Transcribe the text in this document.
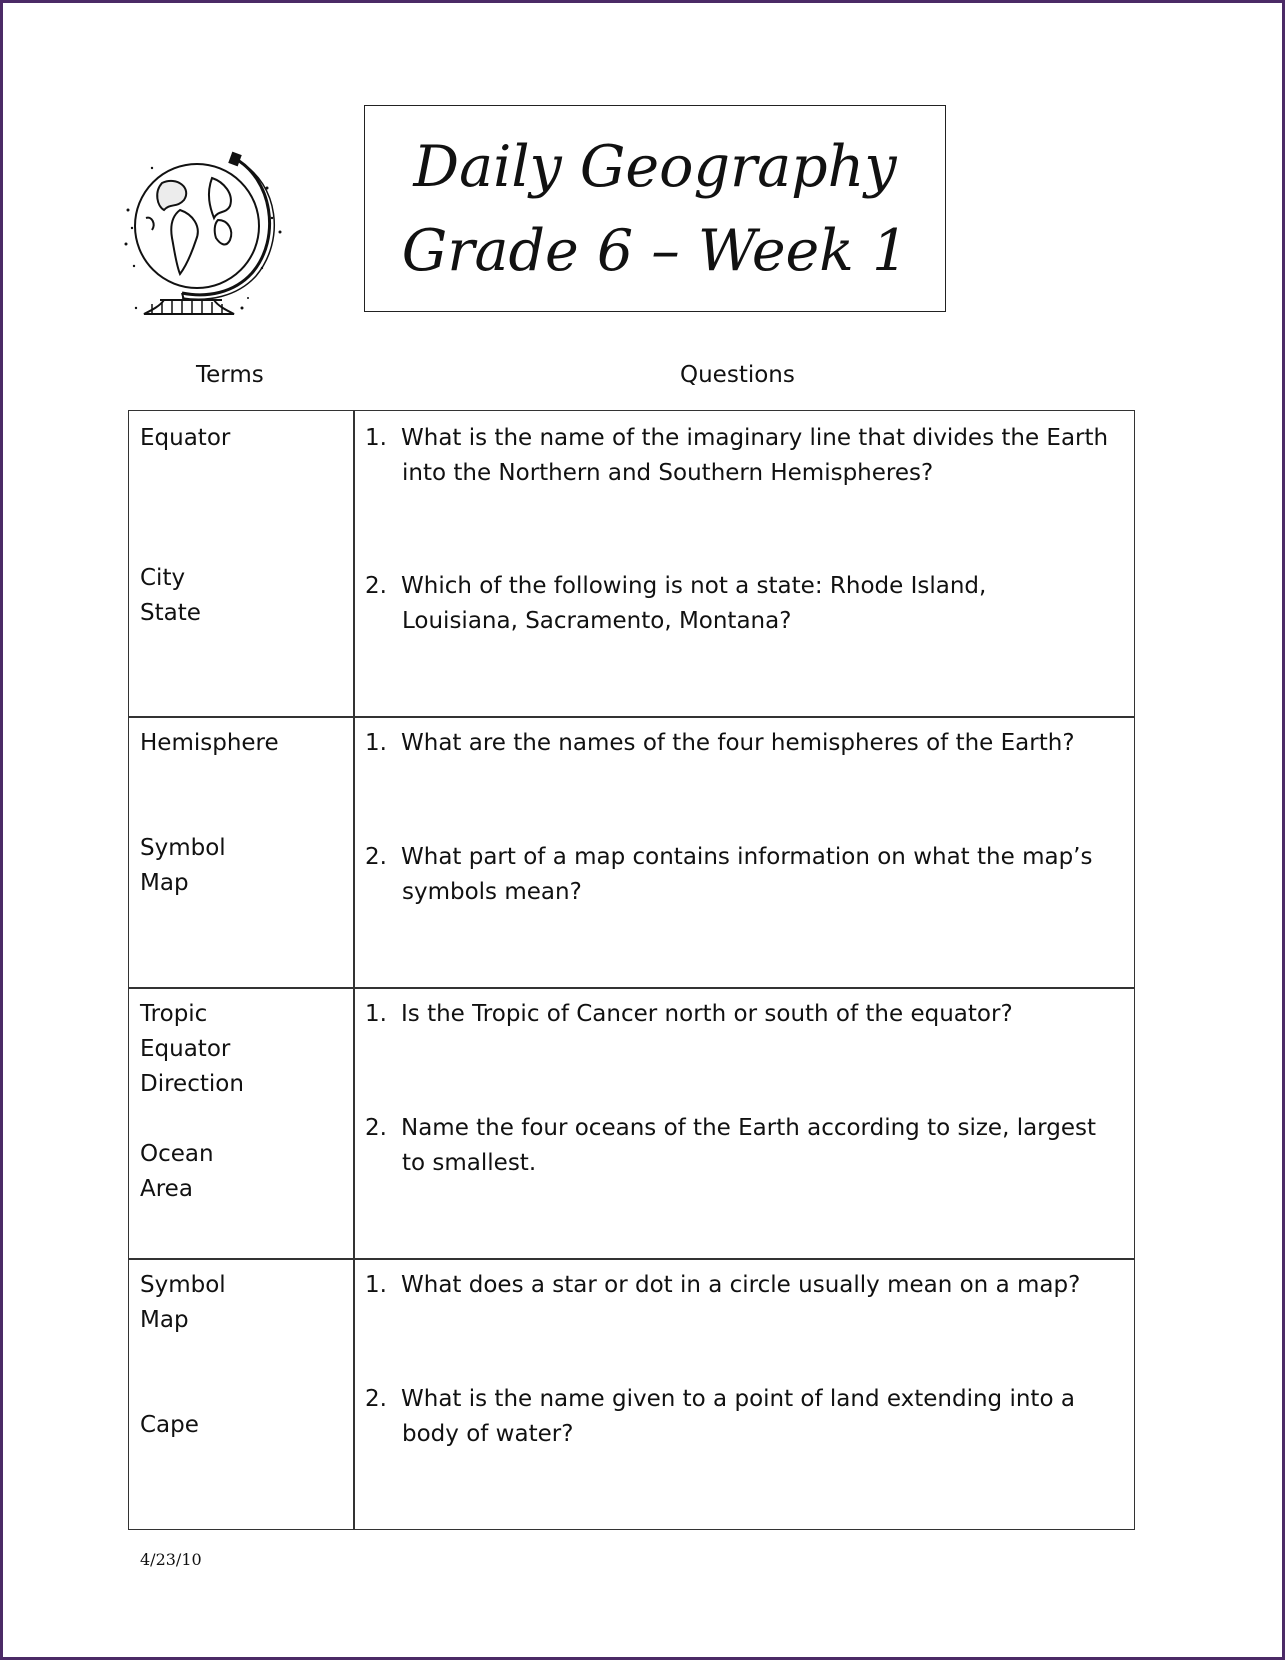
Daily Geography
Grade 6 – Week 1
Terms	Questions
Equator
City
State
1. What is the name of the imaginary line that divides the Earth
into the Northern and Southern Hemispheres?
2. Which of the following is not a state: Rhode Island,
Louisiana, Sacramento, Montana?
Hemisphere
Symbol
Map
1. What are the names of the four hemispheres of the Earth?
2. What part of a map contains information on what the map’s
symbols mean?
Tropic
Equator
Direction
Ocean
Area
1. Is the Tropic of Cancer north or south of the equator?
2. Name the four oceans of the Earth according to size, largest
to smallest.
Symbol
Map
Cape
1. What does a star or dot in a circle usually mean on a map?
2. What is the name given to a point of land extending into a
body of water?
4/23/10
